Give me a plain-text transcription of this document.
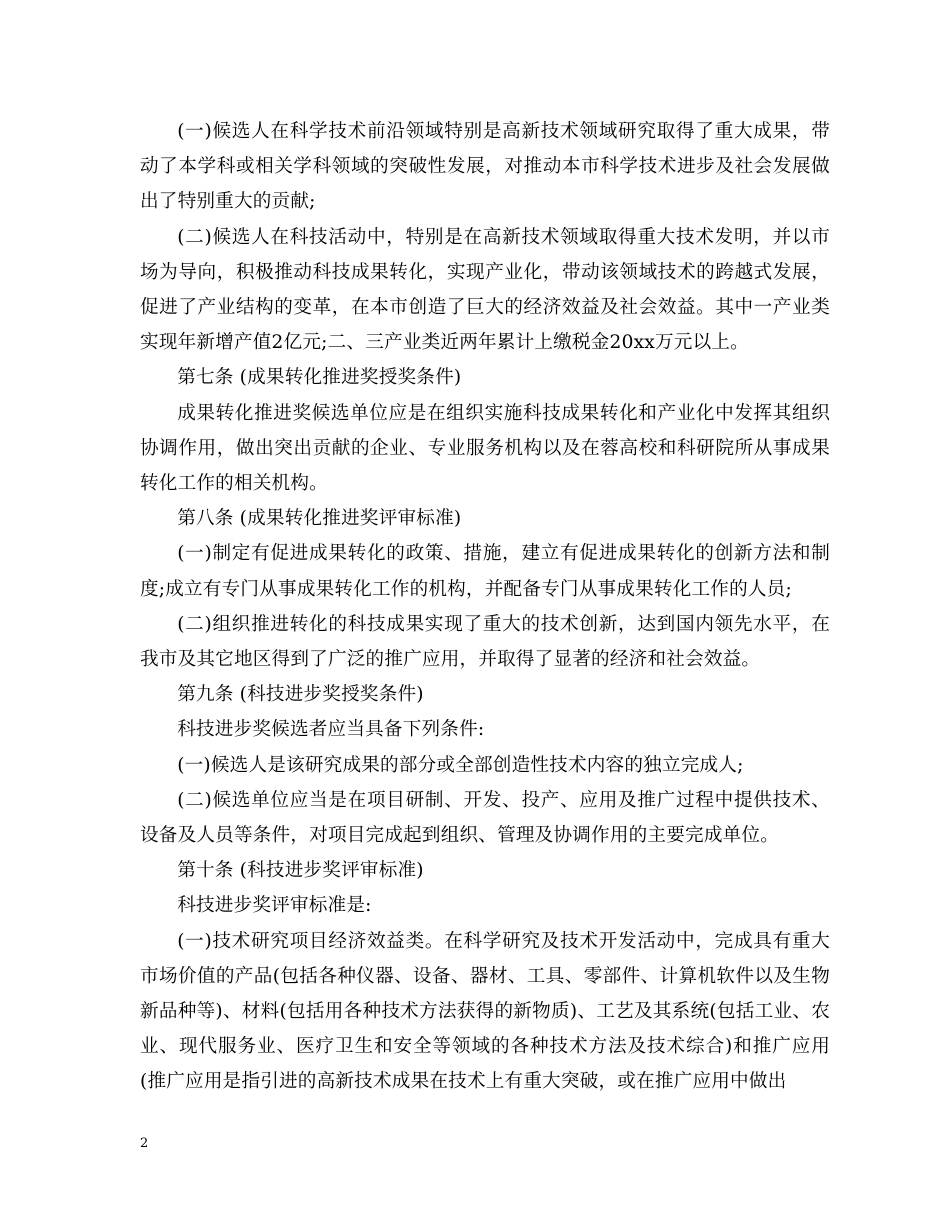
(一)候选人在科学技术前沿领域特别是高新技术领域研究取得了重大成果，带动了本学科或相关学科领域的突破性发展，对推动本市科学技术进步及社会发展做出了特别重大的贡献;

(二)候选人在科技活动中，特别是在高新技术领域取得重大技术发明，并以市场为导向，积极推动科技成果转化，实现产业化，带动该领域技术的跨越式发展，促进了产业结构的变革，在本市创造了巨大的经济效益及社会效益。其中一产业类实现年新增产值2亿元;二、三产业类近两年累计上缴税金20xx万元以上。

第七条 (成果转化推进奖授奖条件)

成果转化推进奖候选单位应是在组织实施科技成果转化和产业化中发挥其组织协调作用，做出突出贡献的企业、专业服务机构以及在蓉高校和科研院所从事成果转化工作的相关机构。

第八条 (成果转化推进奖评审标准)

(一)制定有促进成果转化的政策、措施，建立有促进成果转化的创新方法和制度;成立有专门从事成果转化工作的机构，并配备专门从事成果转化工作的人员;

(二)组织推进转化的科技成果实现了重大的技术创新，达到国内领先水平，在我市及其它地区得到了广泛的推广应用，并取得了显著的经济和社会效益。

第九条 (科技进步奖授奖条件)

科技进步奖候选者应当具备下列条件:

(一)候选人是该研究成果的部分或全部创造性技术内容的独立完成人;

(二)候选单位应当是在项目研制、开发、投产、应用及推广过程中提供技术、设备及人员等条件，对项目完成起到组织、管理及协调作用的主要完成单位。

第十条 (科技进步奖评审标准)

科技进步奖评审标准是:

(一)技术研究项目经济效益类。在科学研究及技术开发活动中，完成具有重大市场价值的产品(包括各种仪器、设备、器材、工具、零部件、计算机软件以及生物新品种等)、材料(包括用各种技术方法获得的新物质)、工艺及其系统(包括工业、农业、现代服务业、医疗卫生和安全等领域的各种技术方法及技术综合)和推广应用(推广应用是指引进的高新技术成果在技术上有重大突破，或在推广应用中做出

2
